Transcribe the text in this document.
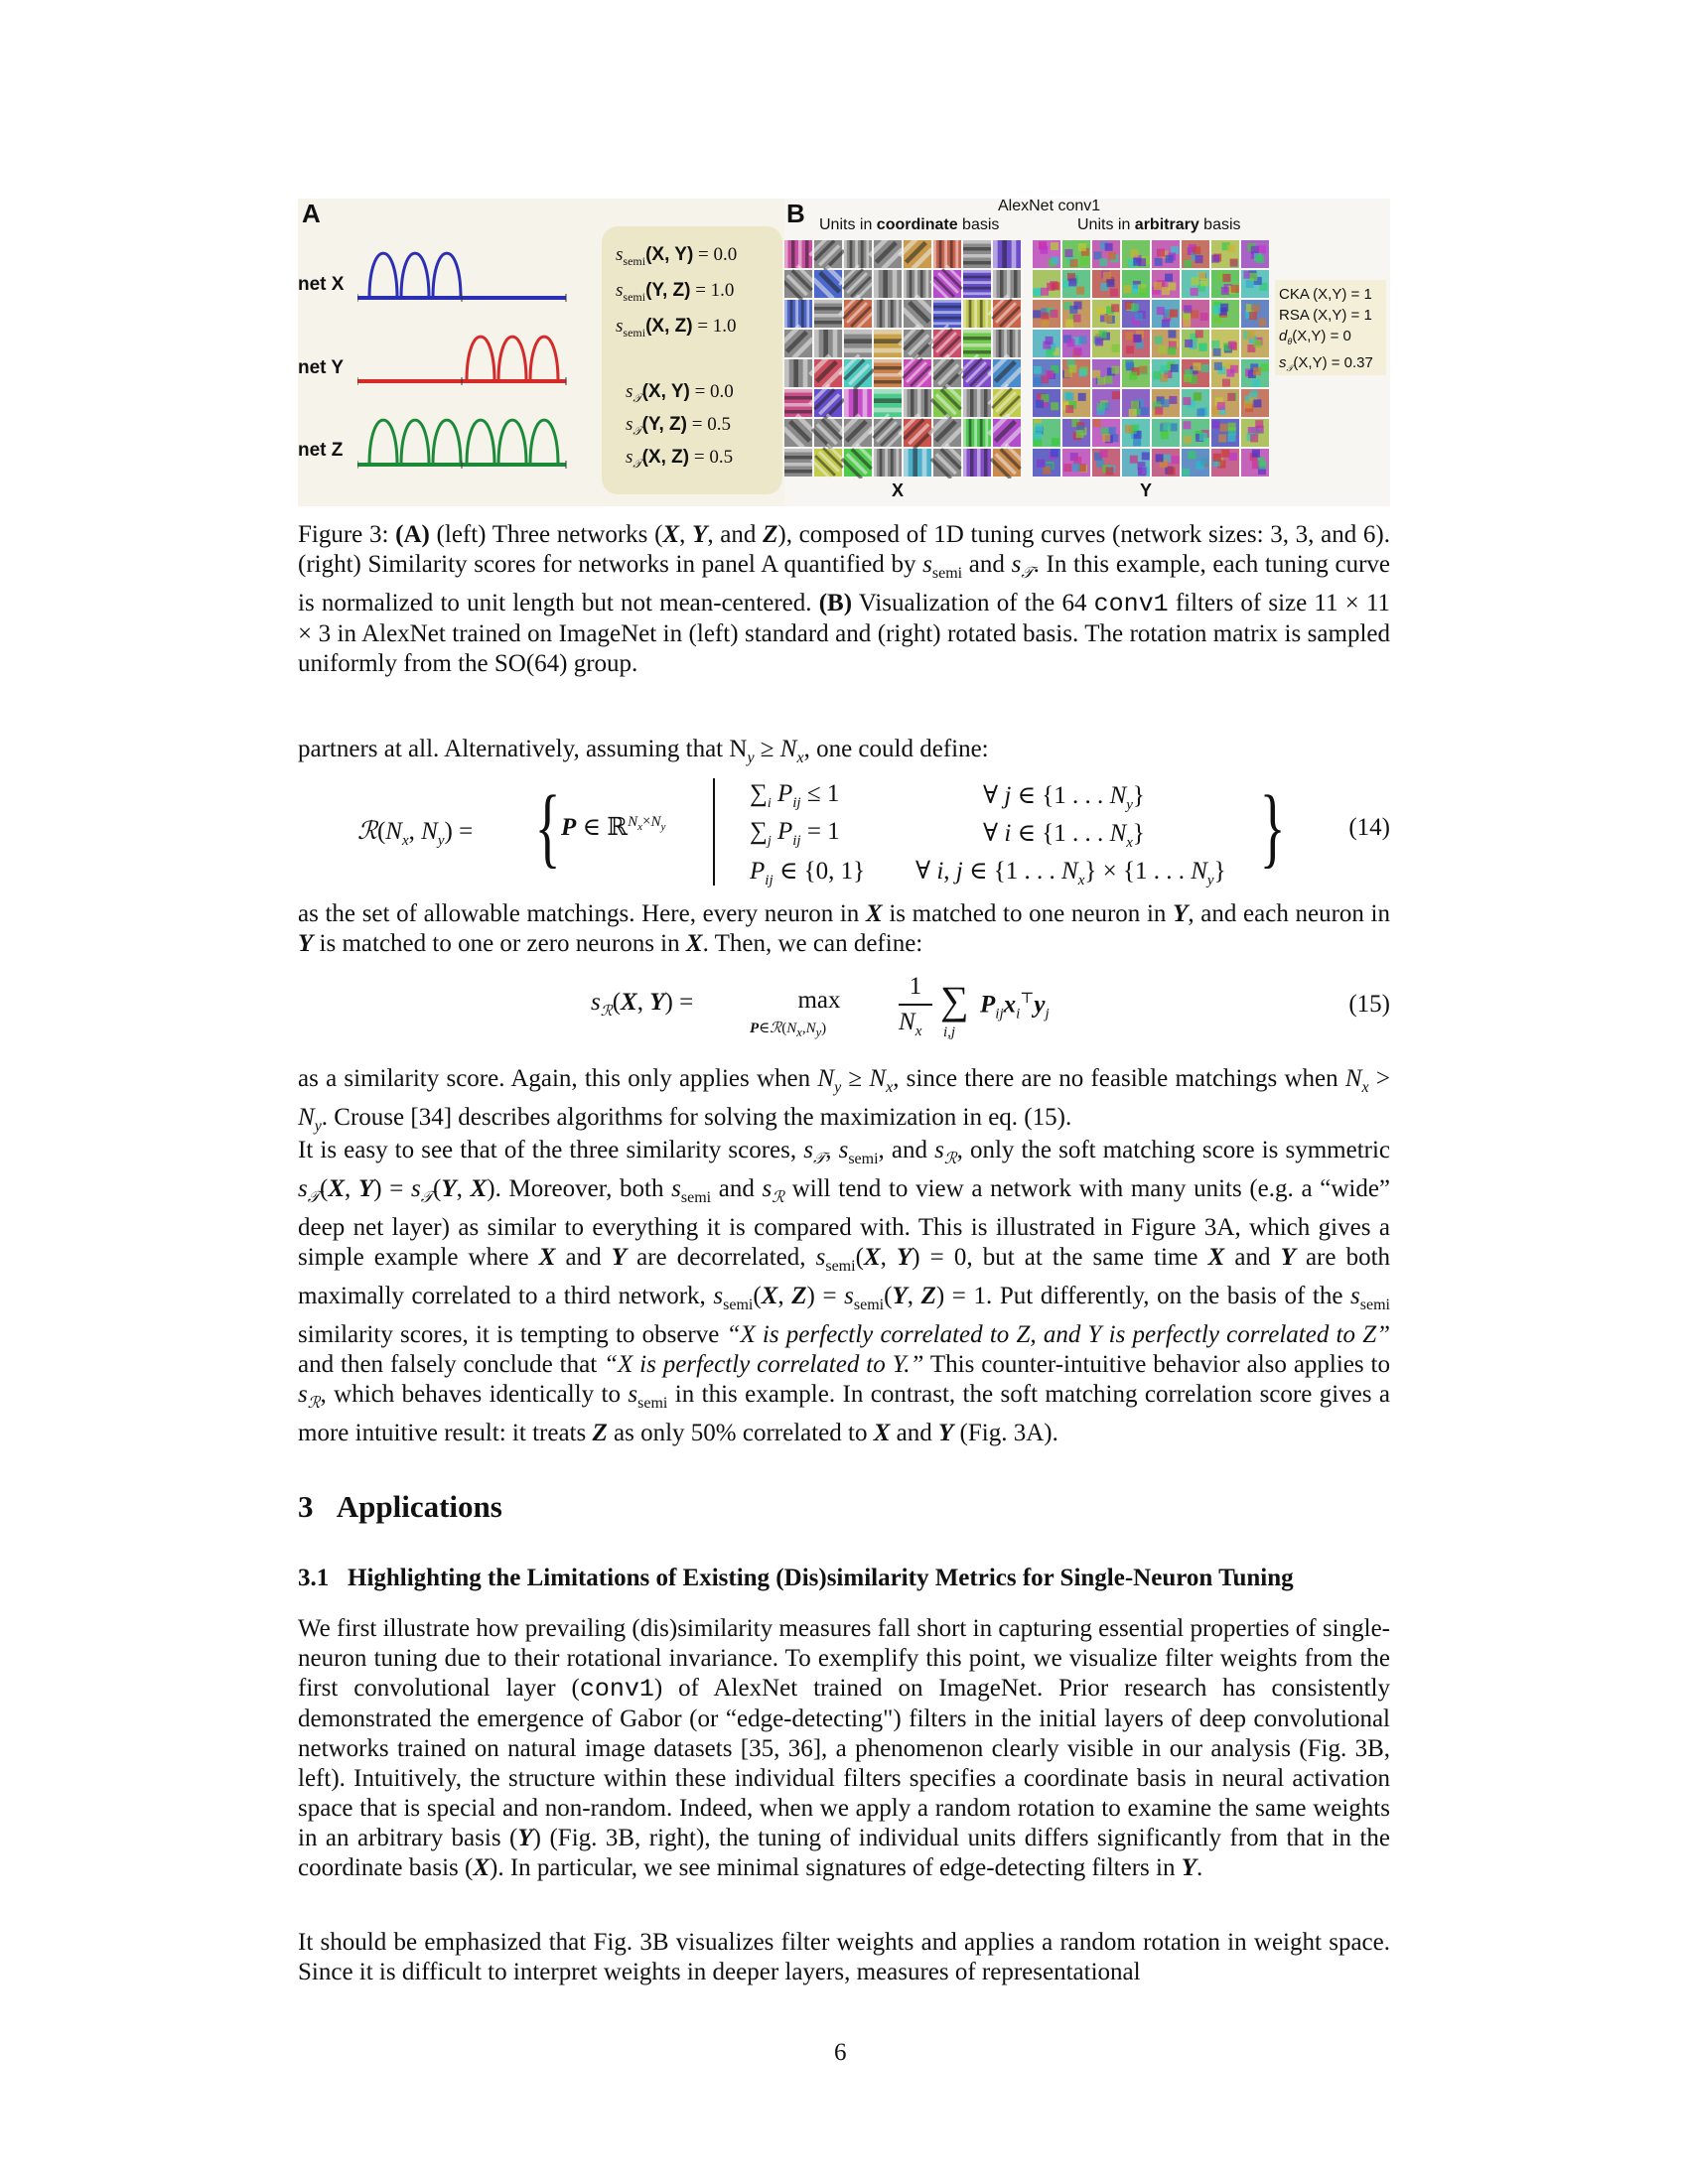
A	B
net X
net Y
net Z
$s_{semi}(X$, Y) = 0.0
$s_{semi}(Y$, Z) = 1.0
$s_{semi}(X$, Z) = 1.0
$s_𝒯(X$, Y) = 0.0
$s_𝒯(Y$, Z) = 0.5
$s_𝒯(X$, Z) = 0.5
AlexNet conv1
Units in coordinate basis	Units in arbitrary basis
X	Y
CKA (X,Y) = 1
RSA (X,Y) = 1
$d_\theta(X,Y) = 0$
$s_𝒯(X,Y) = 0.37$
Figure 3: (A) (left) Three networks (X, Y, and Z), composed of 1D tuning curves (network sizes: 3, 3, and 6). (right) Similarity scores for networks in panel A quantified by $s_{semi}$ and $s_𝒯$. In this example, each tuning curve is normalized to unit length but not mean-centered. (B) Visualization of the 64 conv1 filters of size 11 × 11 × 3 in AlexNet trained on ImageNet in (left) standard and (right) rotated basis. The rotation matrix is sampled uniformly from the SO(64) group.
partners at all. Alternatively, assuming that $N_y \ge N_x$, one could define:
$ℛ(N_x$, $N_y$) = { P ∈ ℝ$^{N_x\times N_y}$
$\sum_i$ $P_{ij} \le 1$
$\sum_j$ $P_{ij} = 1$
$P_{ij}$ ∈ {0, 1}
∀ j ∈ {1 . . . $N_y$}
∀ i ∈ {1 . . . $N_x$}
∀ i, j ∈ {1 . . . $N_x\} \times \{1$ . . . $N_y$} }	(14)
as the set of allowable matchings. Here, every neuron in X is matched to one neuron in Y, and each neuron in Y is matched to one or zero neurons in X. Then, we can define:
$s_ℛ(X$, Y) =	max
$P\in ℛ(N_x,N_y)$
1
$N_x$
∑
i,j
$P_{ij}x_i^⊤y_j$	(15)
as a similarity score. Again, this only applies when $N_y \ge N_x$, since there are no feasible matchings when $N_x > N_y$. Crouse [34] describes algorithms for solving the maximization in eq. (15).
It is easy to see that of the three similarity scores, $s_𝒯$, $s_{semi}$, and $s_ℛ$, only the soft matching score is symmetric $s_𝒯(X$, $Y) = s_𝒯(Y$, X). Moreover, both $s_{semi}$ and $s_ℛ$ will tend to view a network with many units (e.g. a “wide” deep net layer) as similar to everything it is compared with. This is illustrated in Figure 3A, which gives a simple example where X and Y are decorrelated, $s_{semi}(X$, Y) = 0, but at the same time X and Y are both maximally correlated to a third network, $s_{semi}(X$, $Z) = s_{semi}(Y$, Z) = 1. Put differently, on the basis of the $s_{semi}$ similarity scores, it is tempting to observe “X is perfectly correlated to Z, and Y is perfectly correlated to Z” and then falsely conclude that “X is perfectly correlated to Y.” This counter-intuitive behavior also applies to $s_ℛ$, which behaves identically to $s_{semi}$ in this example. In contrast, the soft matching correlation score gives a more intuitive result: it treats Z as only 50% correlated to X and Y (Fig. 3A).
3 Applications
3.1 Highlighting the Limitations of Existing (Dis)similarity Metrics for Single-Neuron Tuning
We first illustrate how prevailing (dis)similarity measures fall short in capturing essential properties of single-neuron tuning due to their rotational invariance. To exemplify this point, we visualize filter weights from the first convolutional layer (conv1) of AlexNet trained on ImageNet. Prior research has consistently demonstrated the emergence of Gabor (or “edge-detecting") filters in the initial layers of deep convolutional networks trained on natural image datasets [35, 36], a phenomenon clearly visible in our analysis (Fig. 3B, left). Intuitively, the structure within these individual filters specifies a coordinate basis in neural activation space that is special and non-random. Indeed, when we apply a random rotation to examine the same weights in an arbitrary basis (Y) (Fig. 3B, right), the tuning of individual units differs significantly from that in the coordinate basis (X). In particular, we see minimal signatures of edge-detecting filters in Y.
It should be emphasized that Fig. 3B visualizes filter weights and applies a random rotation in weight space. Since it is difficult to interpret weights in deeper layers, measures of representational
6
